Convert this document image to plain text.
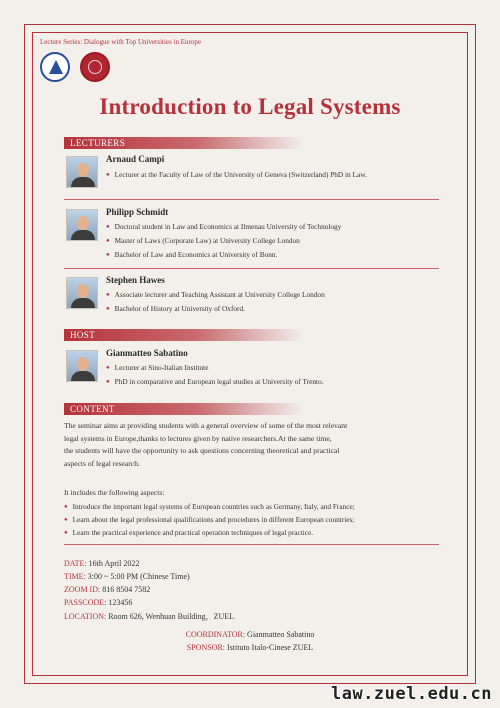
Lecture Series: Dialogue with Top Universities in Europe
Introduction to Legal Systems
LECTURERS
Arnaud Campi
● Lecturer at the Faculty of Law of the University of Geneva (Switzerland) PhD in Law.
Philipp Schmidt
● Doctoral student in Law and Economics at Ilmenau University of Technology
● Master of Laws (Corporate Law) at University College London
● Bachelor of Law and Economics at University of Bonn.
Stephen Hawes
● Associate lecturer and Teaching Assistant at University College London
● Bachelor of History at University of Oxford.
HOST
Gianmatteo Sabatino
● Lecturer at Sino-Italian Institute
● PhD in comparative and European legal studies at University of Trento.
CONTENT
The seminar aims at providing students with a general overview of some of the most relevant
legal systems in Europe,thanks to lectures given by native researchers.At the same time,
the students will have the opportunity to ask questions concerning theoretical and practical
aspects of legal research.
It includes the following aspects:
● Introduce the important legal systems of European countries such as Germany, Italy, and France;
● Learn about the legal professional qualifications and procedures in different European countries;
● Learn the practical experience and practical operation techniques of legal practice.
DATE: 16th April 2022
TIME: 3:00 ~ 5:00 PM (Chinese Time)
ZOOM ID: 816 8504 7582
PASSCODE: 123456
LOCATION: Room 626, Wenhuan Building，ZUEL
COORDINATOR: Gianmatteo Sabatino
SPONSOR: Istituto Italo-Cinese ZUEL
law.zuel.edu.cn
